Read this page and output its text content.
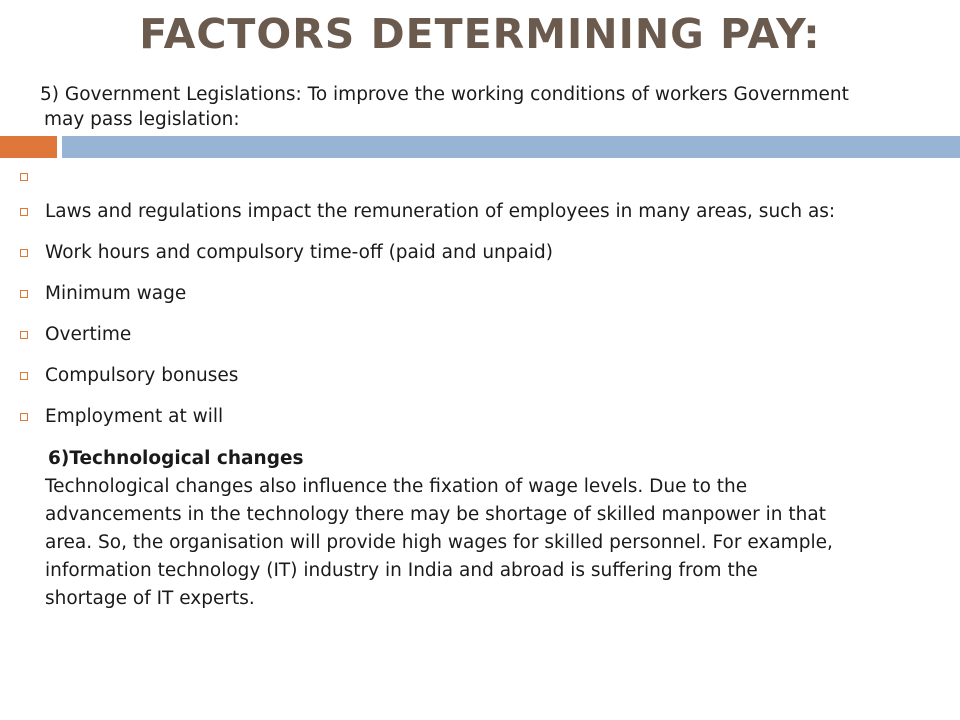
FACTORS DETERMINING PAY:
5) Government Legislations: To improve the working conditions of workers Government
may pass legislation:
Laws and regulations impact the remuneration of employees in many areas, such as:
Work hours and compulsory time-off (paid and unpaid)
Minimum wage
Overtime
Compulsory bonuses
Employment at will
6)Technological changes
Technological changes also influence the fixation of wage levels. Due to the
advancements in the technology there may be shortage of skilled manpower in that
area. So, the organisation will provide high wages for skilled personnel. For example,
information technology (IT) industry in India and abroad is suffering from the
shortage of IT experts.
